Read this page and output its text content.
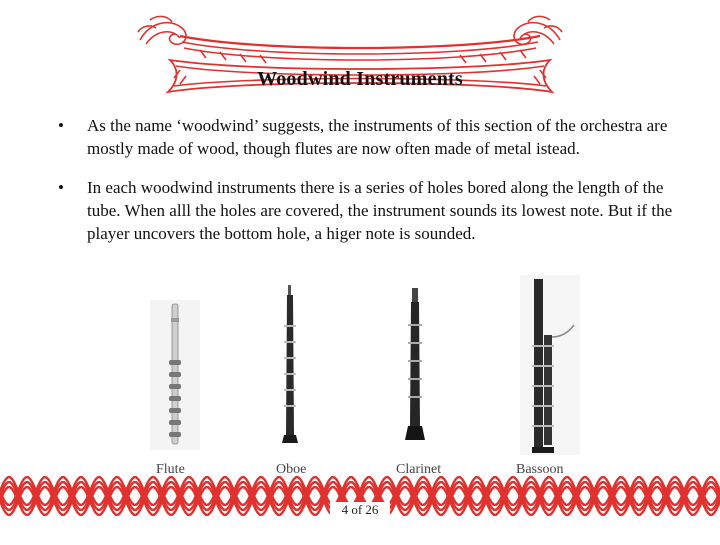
Woodwind Instruments
• As the name ‘woodwind’ suggests, the instruments of this section of the orchestra are mostly made of wood, though flutes are now often made of metal istead.
• In each woodwind instruments there is a series of holes bored along the length of the tube. When alll the holes are covered, the instrument sounds its lowest note. But if the player uncovers the bottom hole, a higer note is sounded.
Flute	Oboe	Clarinet	Bassoon
4 of 26
